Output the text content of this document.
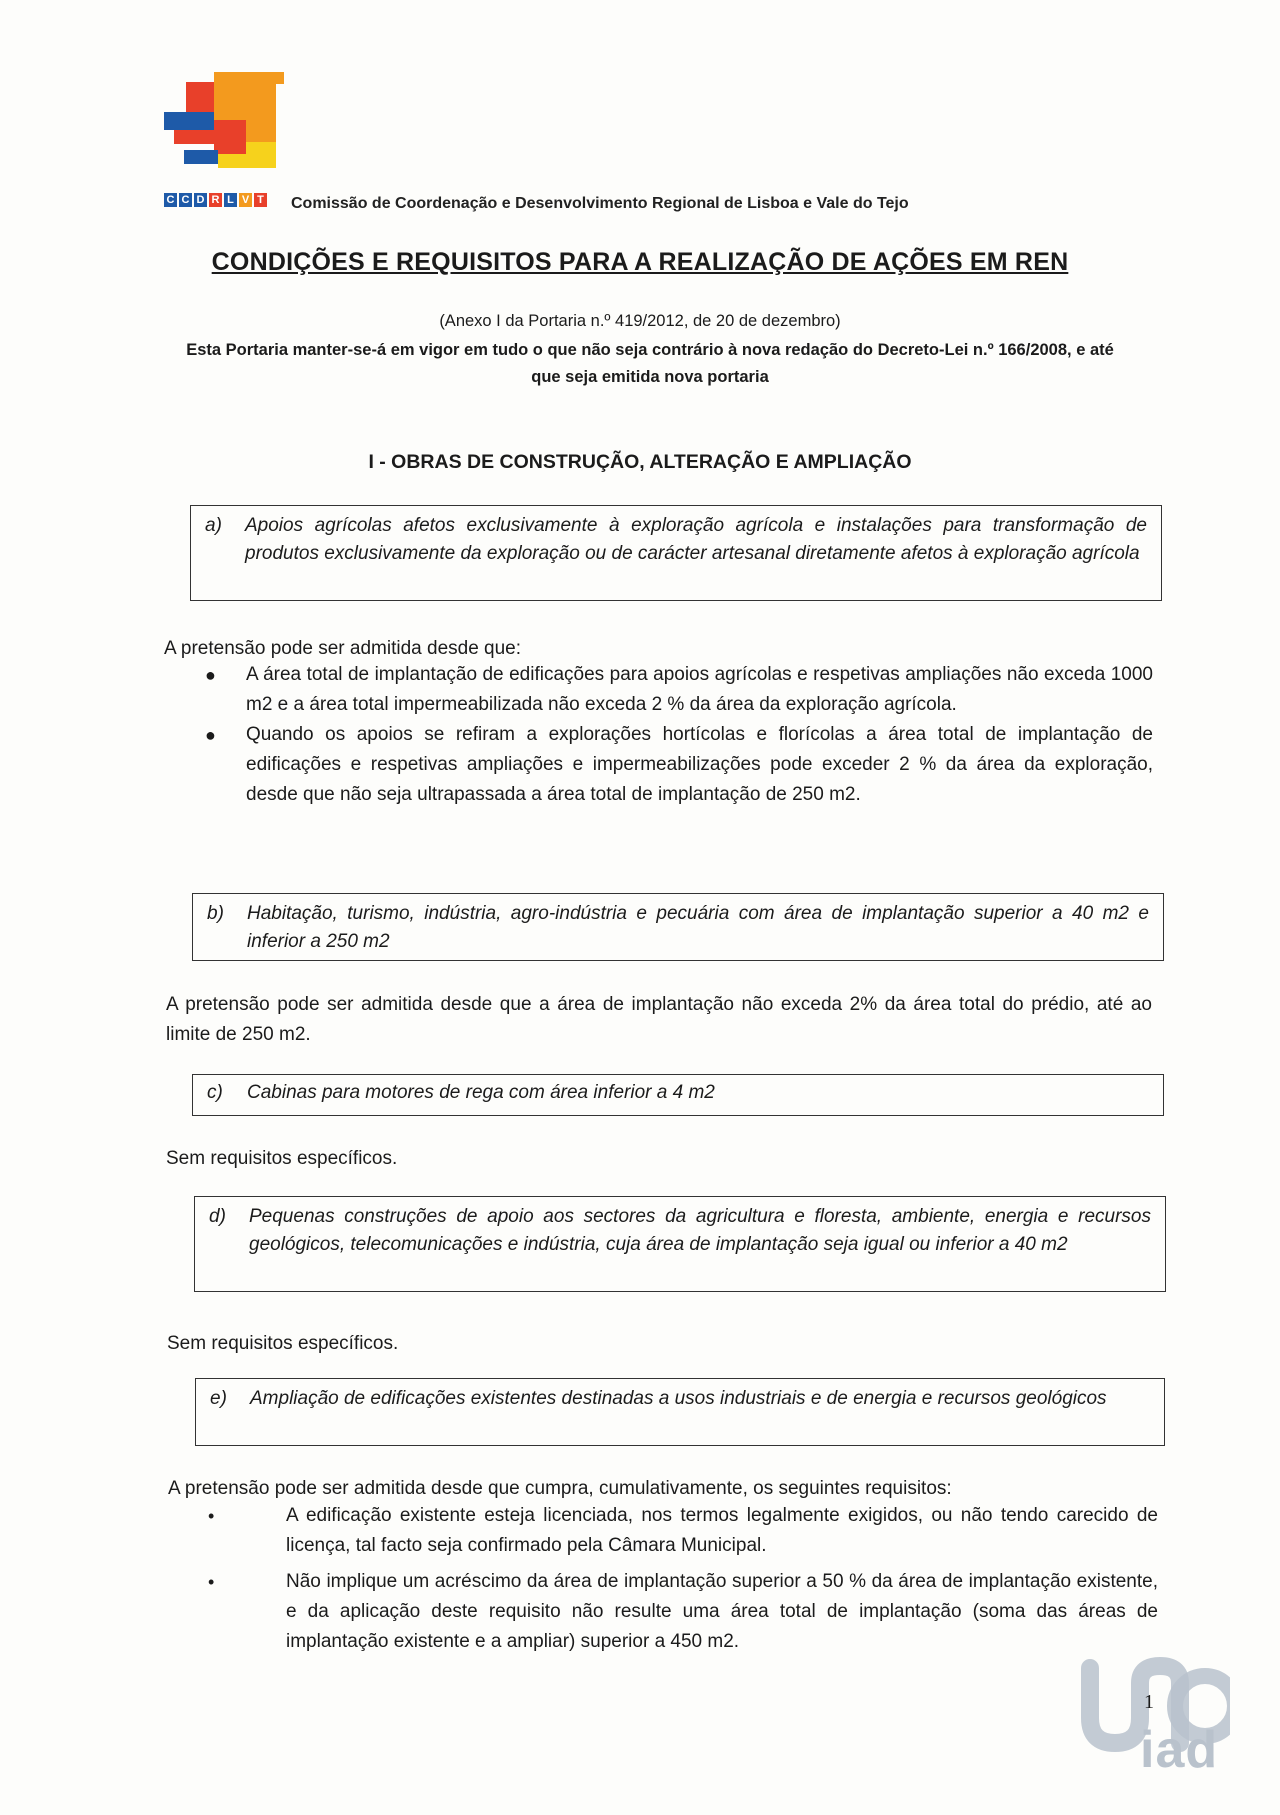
C C D R L V T Comissão de Coordenação e Desenvolvimento Regional de Lisboa e Vale do Tejo
CONDIÇÕES E REQUISITOS PARA A REALIZAÇÃO DE AÇÕES EM REN
(Anexo I da Portaria n.º 419/2012, de 20 de dezembro)
Esta Portaria manter-se-á em vigor em tudo o que não seja contrário à nova redação do Decreto-Lei n.º 166/2008, e até que seja emitida nova portaria
I - OBRAS DE CONSTRUÇÃO, ALTERAÇÃO E AMPLIAÇÃO
a)	Apoios agrícolas afetos exclusivamente à exploração agrícola e instalações para transformação de produtos exclusivamente da exploração ou de carácter artesanal diretamente afetos à exploração agrícola
A pretensão pode ser admitida desde que:
● A área total de implantação de edificações para apoios agrícolas e respetivas ampliações não exceda 1000 m2 e a área total impermeabilizada não exceda 2 % da área da exploração agrícola.
● Quando os apoios se refiram a explorações hortícolas e florícolas a área total de implantação de edificações e respetivas ampliações e impermeabilizações pode exceder 2 % da área da exploração, desde que não seja ultrapassada a área total de implantação de 250 m2.
b)	Habitação, turismo, indústria, agro-indústria e pecuária com área de implantação superior a 40 m2 e inferior a 250 m2
A pretensão pode ser admitida desde que a área de implantação não exceda 2% da área total do prédio, até ao limite de 250 m2.
c)	Cabinas para motores de rega com área inferior a 4 m2
Sem requisitos específicos.
d)	Pequenas construções de apoio aos sectores da agricultura e floresta, ambiente, energia e recursos geológicos, telecomunicações e indústria, cuja área de implantação seja igual ou inferior a 40 m2
Sem requisitos específicos.
e)	Ampliação de edificações existentes destinadas a usos industriais e de energia e recursos geológicos
A pretensão pode ser admitida desde que cumpra, cumulativamente, os seguintes requisitos:
•	A edificação existente esteja licenciada, nos termos legalmente exigidos, ou não tendo carecido de licença, tal facto seja confirmado pela Câmara Municipal.
•	Não implique um acréscimo da área de implantação superior a 50 % da área de implantação existente, e da aplicação deste requisito não resulte uma área total de implantação (soma das áreas de implantação existente e a ampliar) superior a 450 m2.
1
iad
